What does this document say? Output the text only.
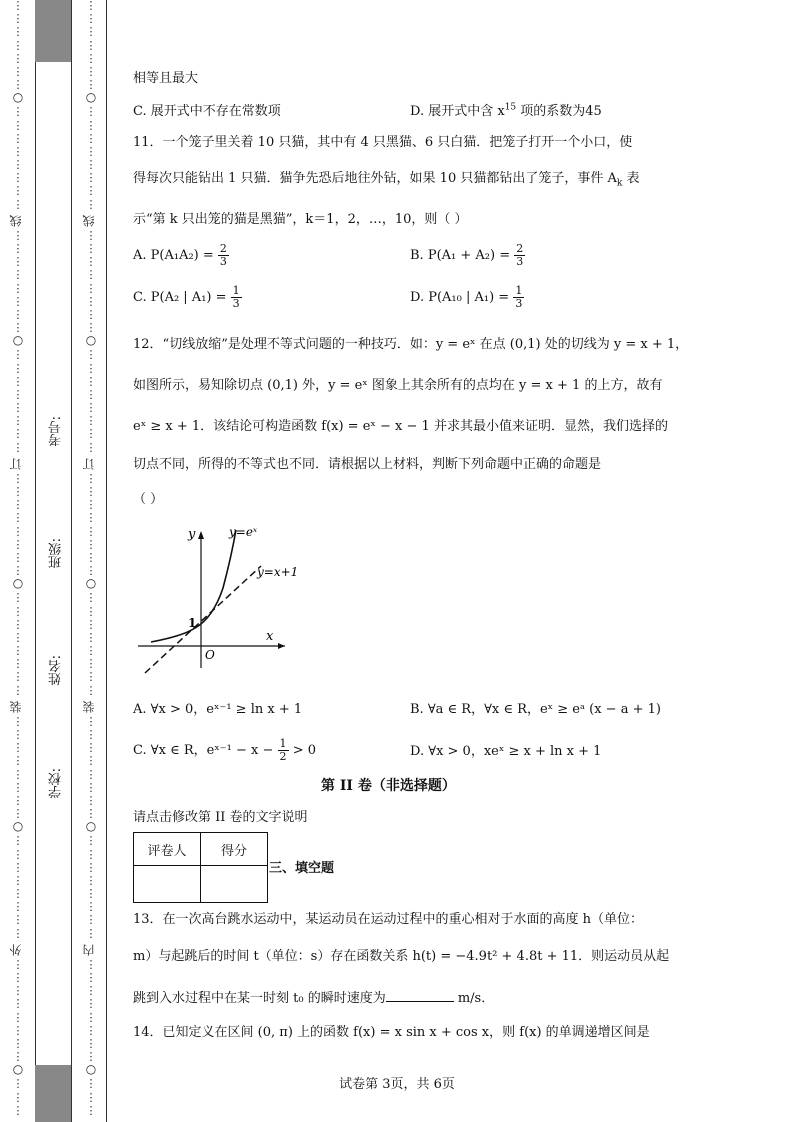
⋮
⋮
⋮
⋮
⋮
⋮
⋮
○
⋮
⋮
⋮
⋮
⋮
⋮
⋮
⋮
线
⋮
⋮
⋮
⋮
⋮
⋮
⋮
⋮
○
⋮
⋮
⋮
⋮
⋮
⋮
⋮
⋮
订
⋮
⋮
⋮
⋮
⋮
⋮
⋮
⋮
○
⋮
⋮
⋮
⋮
⋮
⋮
⋮
⋮
装
⋮
⋮
⋮
⋮
⋮
⋮
⋮
⋮
○
⋮
⋮
⋮
⋮
⋮
⋮
⋮
⋮
外
⋮
⋮
⋮
⋮
⋮
⋮
⋮
⋮
○
⋮
⋮
⋮
⋮
⋮
⋮
⋮
⋮
⋮
⋮
○
⋮
⋮
⋮
⋮
⋮
⋮
⋮
⋮
线
⋮
⋮
⋮
⋮
⋮
⋮
⋮
⋮
○
⋮
⋮
⋮
⋮
⋮
⋮
⋮
⋮
订
⋮
⋮
⋮
⋮
⋮
⋮
⋮
⋮
○
⋮
⋮
⋮
⋮
⋮
⋮
⋮
⋮
装
⋮
⋮
⋮
⋮
⋮
⋮
⋮
⋮
○
⋮
⋮
⋮
⋮
⋮
⋮
⋮
⋮
内
⋮
⋮
⋮
⋮
⋮
⋮
⋮
⋮
○
⋮
⋮
⋮
考号:
班级:
姓名:
学校:
相等且最大
C. 展开式中不存在常数项	D. 展开式中含 $x^{15}$ 项的系数为45
11．一个笼子里关着 10 只猫，其中有 4 只黑猫、6 只白猫．把笼子打开一个小口，使
得每次只能钻出 1 只猫．猫争先恐后地往外钻，如果 10 只猫都钻出了笼子，事件 $A_k$ 表
示“第 k 只出笼的猫是黑猫”，k＝1，2，…，10，则（ ）
A. $P(A_1A_2) = \frac{2}{3}$	B. $P(A_1 + A_2) = \frac{2}{3}$
C. P(A₂ | $A_1) = \frac{1}{3}$	D. P(A₁₀ | $A_1) = \frac{1}{3}$
12．“切线放缩”是处理不等式问题的一种技巧．如：y = eˣ 在点 (0,1) 处的切线为 y = x + 1，
如图所示，易知除切点 (0,1) 外，y = eˣ 图象上其余所有的点均在 y = x + 1 的上方，故有
eˣ ≥ x + 1．该结论可构造函数 f(x) = eˣ − x − 1 并求其最小值来证明．显然，我们选择的
切点不同，所得的不等式也不同．请根据以上材料，判断下列命题中正确的命题是
（ ）
y	y=eˣ
y=x+1
1
x
O
A. ∀x > 0，eˣ⁻¹ ≥ ln x + 1	B. ∀a ∈ R，∀x ∈ R，eˣ ≥ eᵃ (x − a + 1)
C. ∀x ∈ R，eˣ⁻¹ − $x - \frac{1}{2} > 0$	D. ∀x > 0，xeˣ ≥ x + ln x + 1
第 II 卷（非选择题）
请点击修改第 II 卷的文字说明
评卷人	得分

三、填空题
13．在一次高台跳水运动中，某运动员在运动过程中的重心相对于水面的高度 h（单位：
m）与起跳后的时间 t（单位：s）存在函数关系 h(t) = −4.9t² + 4.8t + 11．则运动员从起
跳到入水过程中在某一时刻 t₀ 的瞬时速度为	m/s．
14．已知定义在区间 (0, π) 上的函数 f(x) = x sin x + cos x，则 f(x) 的单调递增区间是
试卷第 3页，共 6页
